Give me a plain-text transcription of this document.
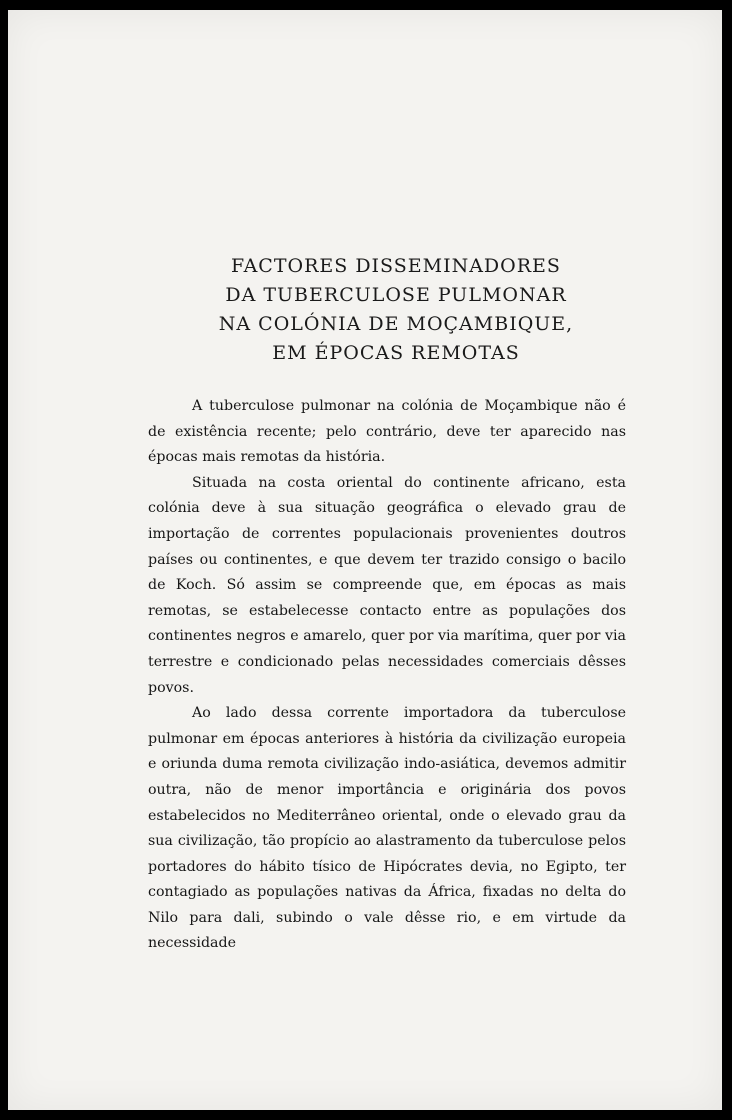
FACTORES DISSEMINADORES
DA TUBERCULOSE PULMONAR
NA COLÓNIA DE MOÇAMBIQUE,
EM ÉPOCAS REMOTAS

A tuberculose pulmonar na colónia de Moçambique não é de existência recente; pelo contrário, deve ter aparecido nas épocas mais remotas da história.

Situada na costa oriental do continente africano, esta colónia deve à sua situação geográfica o elevado grau de importação de correntes populacionais provenientes doutros países ou continentes, e que devem ter trazido consigo o bacilo de Koch. Só assim se compreende que, em épocas as mais remotas, se estabelecesse contacto entre as populações dos continentes negros e amarelo, quer por via marítima, quer por via terrestre e condicionado pelas necessidades comerciais dêsses povos.

Ao lado dessa corrente importadora da tuberculose pulmonar em épocas anteriores à história da civilização europeia e oriunda duma remota civilização indo-asiática, devemos admitir outra, não de menor importância e originária dos povos estabelecidos no Mediterrâneo oriental, onde o elevado grau da sua civilização, tão propício ao alastramento da tuberculose pelos portadores do hábito tísico de Hipócrates devia, no Egipto, ter contagiado as populações nativas da África, fixadas no delta do Nilo para dali, subindo o vale dêsse rio, e em virtude da necessidade
